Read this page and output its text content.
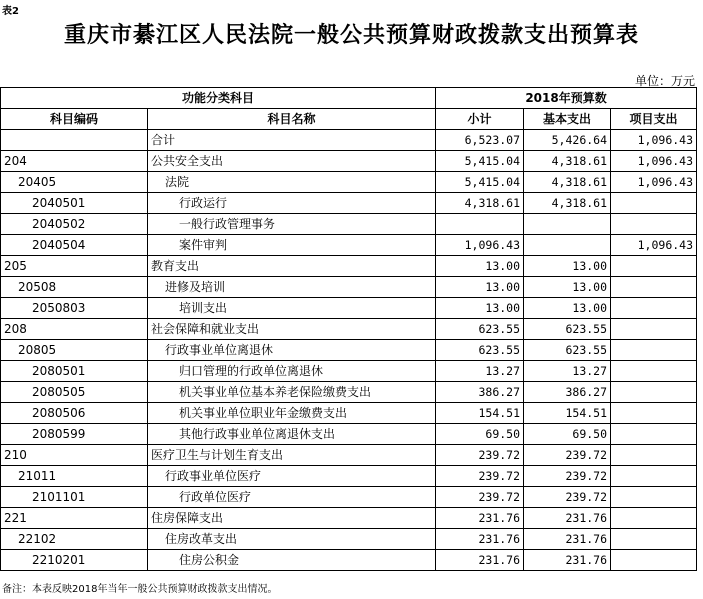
表2
重庆市綦江区人民法院一般公共预算财政拨款支出预算表
单位：万元
功能分类科目		2018年预算数		
科目编码	科目名称	小计	基本支出	项目支出
	合计	6,523.07	5,426.64	1,096.43
204	公共安全支出	5,415.04	4,318.61	1,096.43
20405	法院	5,415.04	4,318.61	1,096.43
2040501	行政运行	4,318.61	4,318.61	
2040502	一般行政管理事务			
2040504	案件审判	1,096.43		1,096.43
205	教育支出	13.00	13.00	
20508	进修及培训	13.00	13.00	
2050803	培训支出	13.00	13.00	
208	社会保障和就业支出	623.55	623.55	
20805	行政事业单位离退休	623.55	623.55	
2080501	归口管理的行政单位离退休	13.27	13.27	
2080505	机关事业单位基本养老保险缴费支出	386.27	386.27	
2080506	机关事业单位职业年金缴费支出	154.51	154.51	
2080599	其他行政事业单位离退休支出	69.50	69.50	
210	医疗卫生与计划生育支出	239.72	239.72	
21011	行政事业单位医疗	239.72	239.72	
2101101	行政单位医疗	239.72	239.72	
221	住房保障支出	231.76	231.76	
22102	住房改革支出	231.76	231.76	
2210201	住房公积金	231.76	231.76	
备注：本表反映2018年当年一般公共预算财政拨款支出情况。
